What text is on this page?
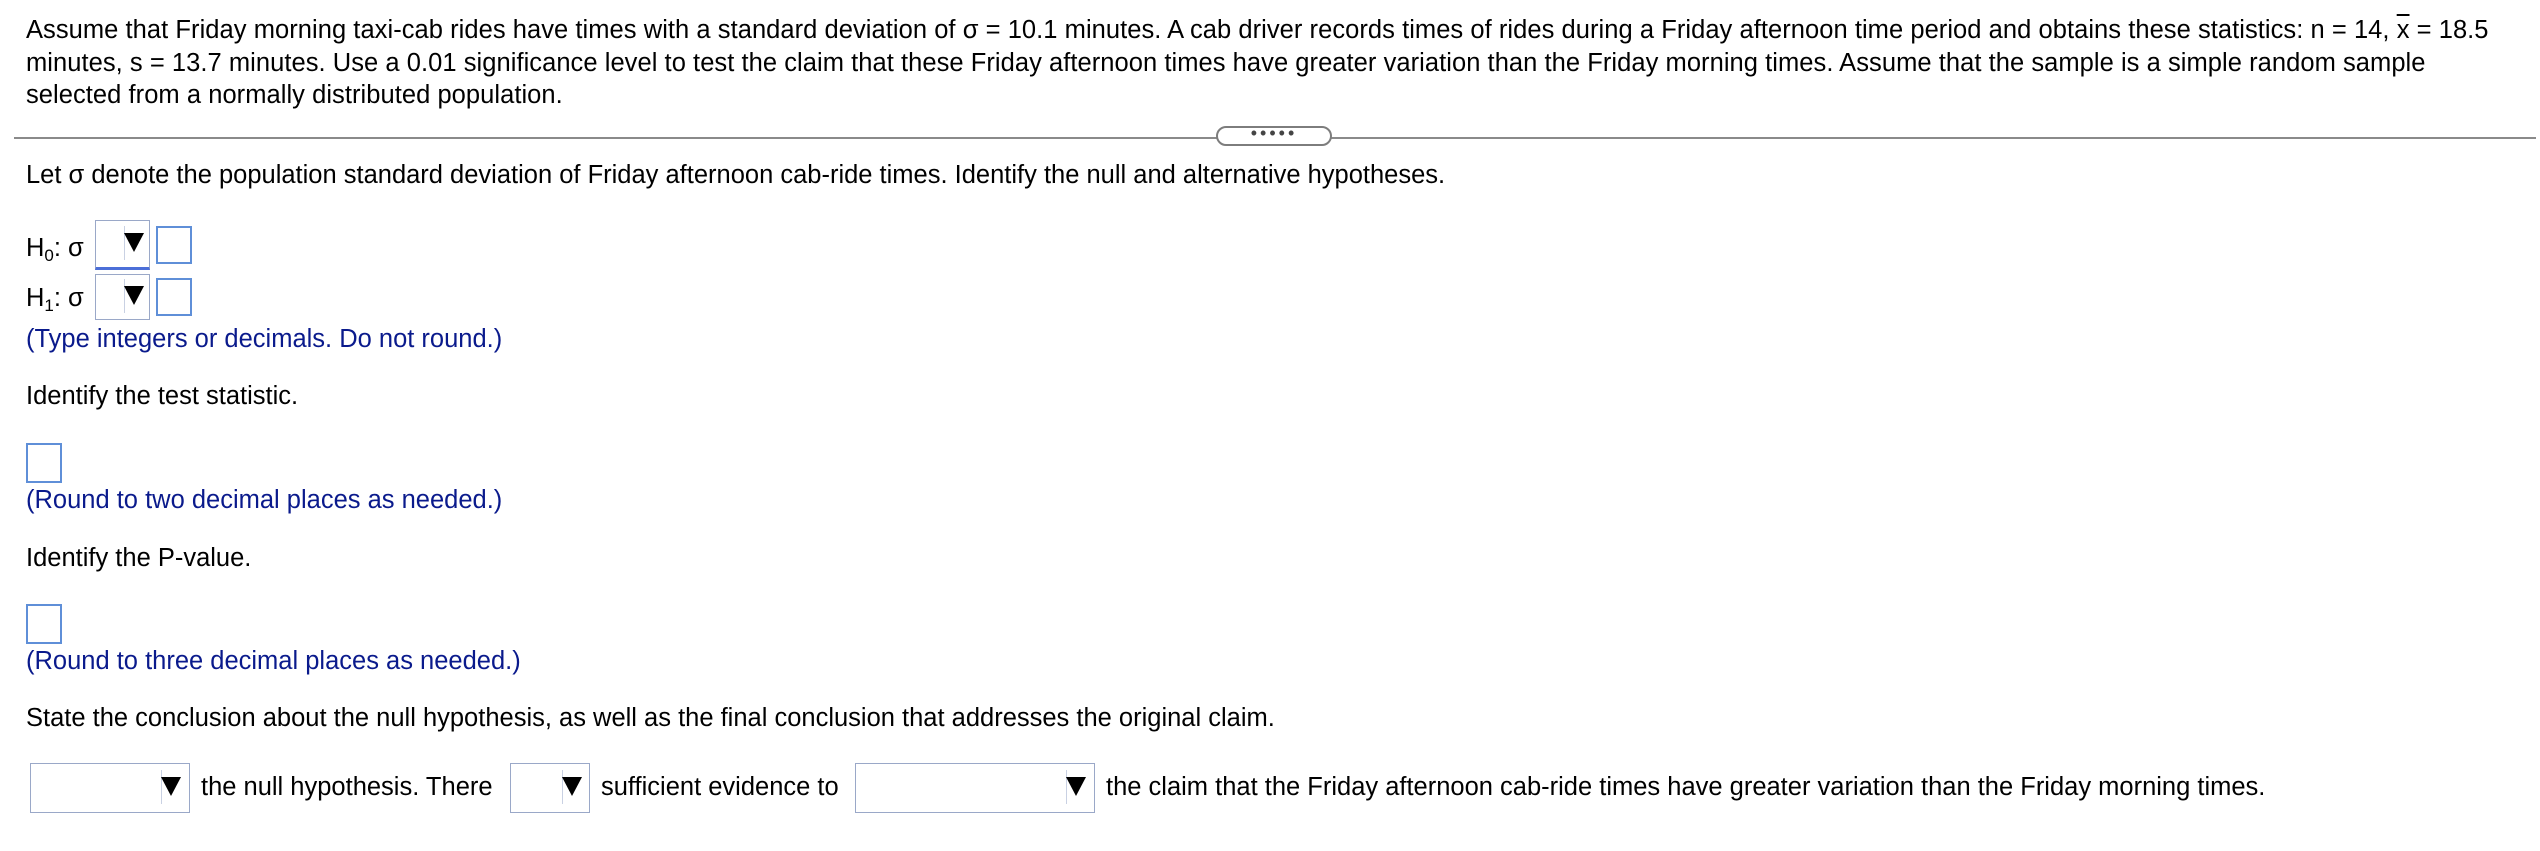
Assume that Friday morning taxi-cab rides have times with a standard deviation of σ = 10.1 minutes. A cab driver records times of rides during a Friday afternoon time period and obtains these statistics: n = 14, $\overline{x} = 18.5$ minutes, s = 13.7 minutes. Use a 0.01 significance level to test the claim that these Friday afternoon times have greater variation than the Friday morning times. Assume that the sample is a simple random sample selected from a normally distributed population.
•••••
Let σ denote the population standard deviation of Friday afternoon cab-ride times. Identify the null and alternative hypotheses.
$H_0$: σ
$H_1$: σ
(Type integers or decimals. Do not round.)
Identify the test statistic.
(Round to two decimal places as needed.)
Identify the P-value.
(Round to three decimal places as needed.)
State the conclusion about the null hypothesis, as well as the final conclusion that addresses the original claim.
the null hypothesis. There	sufficient evidence to	the claim that the Friday afternoon cab-ride times have greater variation than the Friday morning times.
